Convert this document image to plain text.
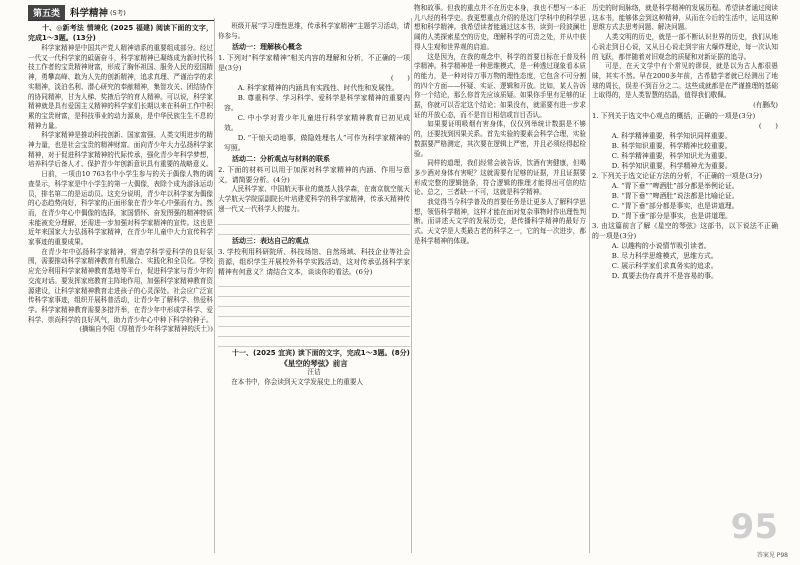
第五类	科学精神 (5考)

十、◎新考法 情境化 (2025 福建) 阅读下面的文字，完成1～3题。(13分)

科学家精神是中国共产党人精神谱系的重要组成部分。经过一代又一代科学家的砥砺奋斗，科学家精神已凝练成为新时代科技工作者的宝贵精神财富，形成了胸怀祖国、服务人民的爱国精神，勇攀高峰、敢为人先的创新精神，追求真理、严谨治学的求实精神，淡泊名利、潜心研究的奉献精神，集智攻关、团结协作的协同精神，甘为人梯、奖掖后学的育人精神。可以说，科学家精神就是具有爱国主义精神的科学家们长期以来在科研工作中积累的宝贵财富，是科技事业的动力源泉，是中华民族生生不息的精神力量。

科学家精神是推动科技创新、国家富强、人类文明进步的精神力量，也是社会宝贵的精神财富。面向青少年大力弘扬科学家精神，对于促进科学家精神的代际传承，强化青少年科学梦想，培养科学后备人才、保护青少年创新意识具有重要的战略意义。

日前，一项由10 763名中小学生参与的关于偶像人物的调查显示，科学家是中小学生的第一大偶像，表除个成为游泳运动员，排名第二的是运动员。这充分说明，青少年以科学家为偶像的心态趋势向好，科学家的正面形象在青少年心中强而有力。然而，在青少年心中偶像的选择，家国情怀、奋发图强的精神特质未能被充分理解，还需进一步加强对科学家精神的宣传。这也是近年来国家大力弘扬科学家精神，在青少年儿童中大力宣传科学家事迹的重要成果。

在青少年中弘扬科学家精神，营造学科学爱科学的良好氛围，需要推动科学家精神教育有机融合、实践化和全员化。学校应充分利用科学家精神教育基地等平台，促进科学家与青少年的交流对话。要发挥家庭教育主阵地作用，加强科学家精神教育资源建设，让科学家精神教育走进孩子的心灵深处。社会应广泛宣传科学家事迹，组织开展科普活动，让青少年了解科学、热爱科学。科学家精神教育需要多措并举，在青少年中形成学科学、爱科学、崇尚科学的良好风气，助力青少年心中种下科学的种子。

(摘编自李阳《厚植青少年科学家精神的沃土》)

班级开展“学习理性思维，传承科学家精神”主题学习活动，请你参与。

活动一：理解核心概念

1. 下列对“科学家精神”相关内容的理解和分析，不正确的一项是(3分)

(　　)

A. 科学家精神的内涵具有实践性、时代性和发展性。

B. 尊重科学、学习科学、爱科学是科学家精神的重要内容。

C. 中小学对青少年儿童进行科学家精神教育已初见成效。

D. “干惊天动地事，做隐姓埋名人”可作为科学家精神的写照。

活动二：分析观点与材料的联系

2. 下面的材料可以用于加深对科学家精神的内涵、作用与意义，请简要分析。(4分)

人民科学家、中国航天事业的奠基人钱学森，在南京航空航天大学航天学院原副院长叶培建愛科学的科学家精神，传承天精神传递一代又一代科学人的接力。

活动三：表达自己的观点

3. 学校利用科研院所、科技场馆、自然场域、科技企业等社会资源，组织学生开展校外科学实践活动，这对传承弘扬科学家精神有何意义？请结合文本，谈谈你的看法。(6分)

十一、(2025 宜宾) 读下面的文字，完成1～3题。(8分)

《星空的琴弦》前言

汪诘

在本书中，你会读到天文学发展史上的重要人

物和故事。但我的重点并不在历史本身，我也不想写一本正儿八经的科学史。我更想重点介绍的是这门学科中的科学思想和科学精神。我希望读者能通过这本书，读到一段波澜壮阔的人类探索星空的历史，理解科学的可贵之处，并从中获得人生观和世界观的启迪。

这是因为，在我的观念中，科学的首要目标在于普及科学精神。科学精神是一种思维模式，是一种透过现象看本质的能力，是一种对待万事万物的理性态度，它包含不可分割的四个方面——怀疑、实证、逻辑和开放。比如，某人告诉你一个结论，那么你首先应该质疑。如果你手里有足够的证据，你就可以否定这个结论；如果没有，就需要有进一步求证的开放心态，而不是盲目相信或盲目否认。

如果要证明吸烟有害身体，仅仅列举统计数据是不够的，还要找到因果关系。首先实验的要素会科学合理，实验数据要严格测定，其次要在逻辑上严密，并且必须经得起检验。

同样的道理，我们经常会被告诉，饮酒有害健康，但喝多少酒对身体有害呢？这就需要有足够的证据，并且证据要形成完整的逻辑链条，符合逻辑的推理才能得出可信的结论。总之，三者缺一不可，这就是科学精神。

我觉得当今科学普及的首要任务是让更多人了解科学思想，领悟科学精神，这样才能在面对复杂事物时作出理性判断。而讲述天文学的发展历史，是传播科学精神的最好方式。天文学是人类最古老的科学之一，它的每一次进步，都是科学精神的体现。

历史的时间脉络，就是科学精神的发展历程。希望读者通过阅读这本书，能够体会到这种精神，从而在今后的生活中，运用这种思维方式去思考问题、解决问题。

人类文明的历史，就是一部不断认识世界的历史，我们从地心说走到日心说，又从日心说走到宇宙大爆炸理论，每一次认知的飞跃，都伴随着对旧观念的质疑和对新证据的追寻。

可是，在天文学中有个常见的谬误，就是以为古人都很愚昧，其实不然。早在2000多年前，古希腊学者就已经测出了地球的周长，误差不到百分之二。这些成就都是在严谨推理的基础上取得的，是人类智慧的结晶，值得我们敬佩。

(有删改)

1. 下列关于选文中心观点的概括，正确的一项是(3分)

(　　)

A. 科学精神重要，科学知识同样重要。

B. 科学知识重要，科学精神比较重要。

C. 科学精神重要，科学知识尤为重要。

D. 科学知识重要，科学精神尤为重要。

2. 下列关于选文论证方法的分析，不正确的一项是(3分)

A. “胃下垂”“啤酒肚”部分都是举例论证。

B. “胃下垂”“啤酒肚”说法都是比喻论证。

C. “胃下垂”部分都是事实，也是讲道理。

D. “胃下垂”部分是事实，也是讲道理。

3. 由这篇前言了解《星空的琴弦》这部书，以下说法不正确的一项是(3分)

A. 以趣构的小说情节吸引读者。

B. 尽力科学思维模式，思维方式。

C. 展示科学家们求真务实的追求。

D. 真要去伪存真并不是容易的事。

95
答案见 P98
